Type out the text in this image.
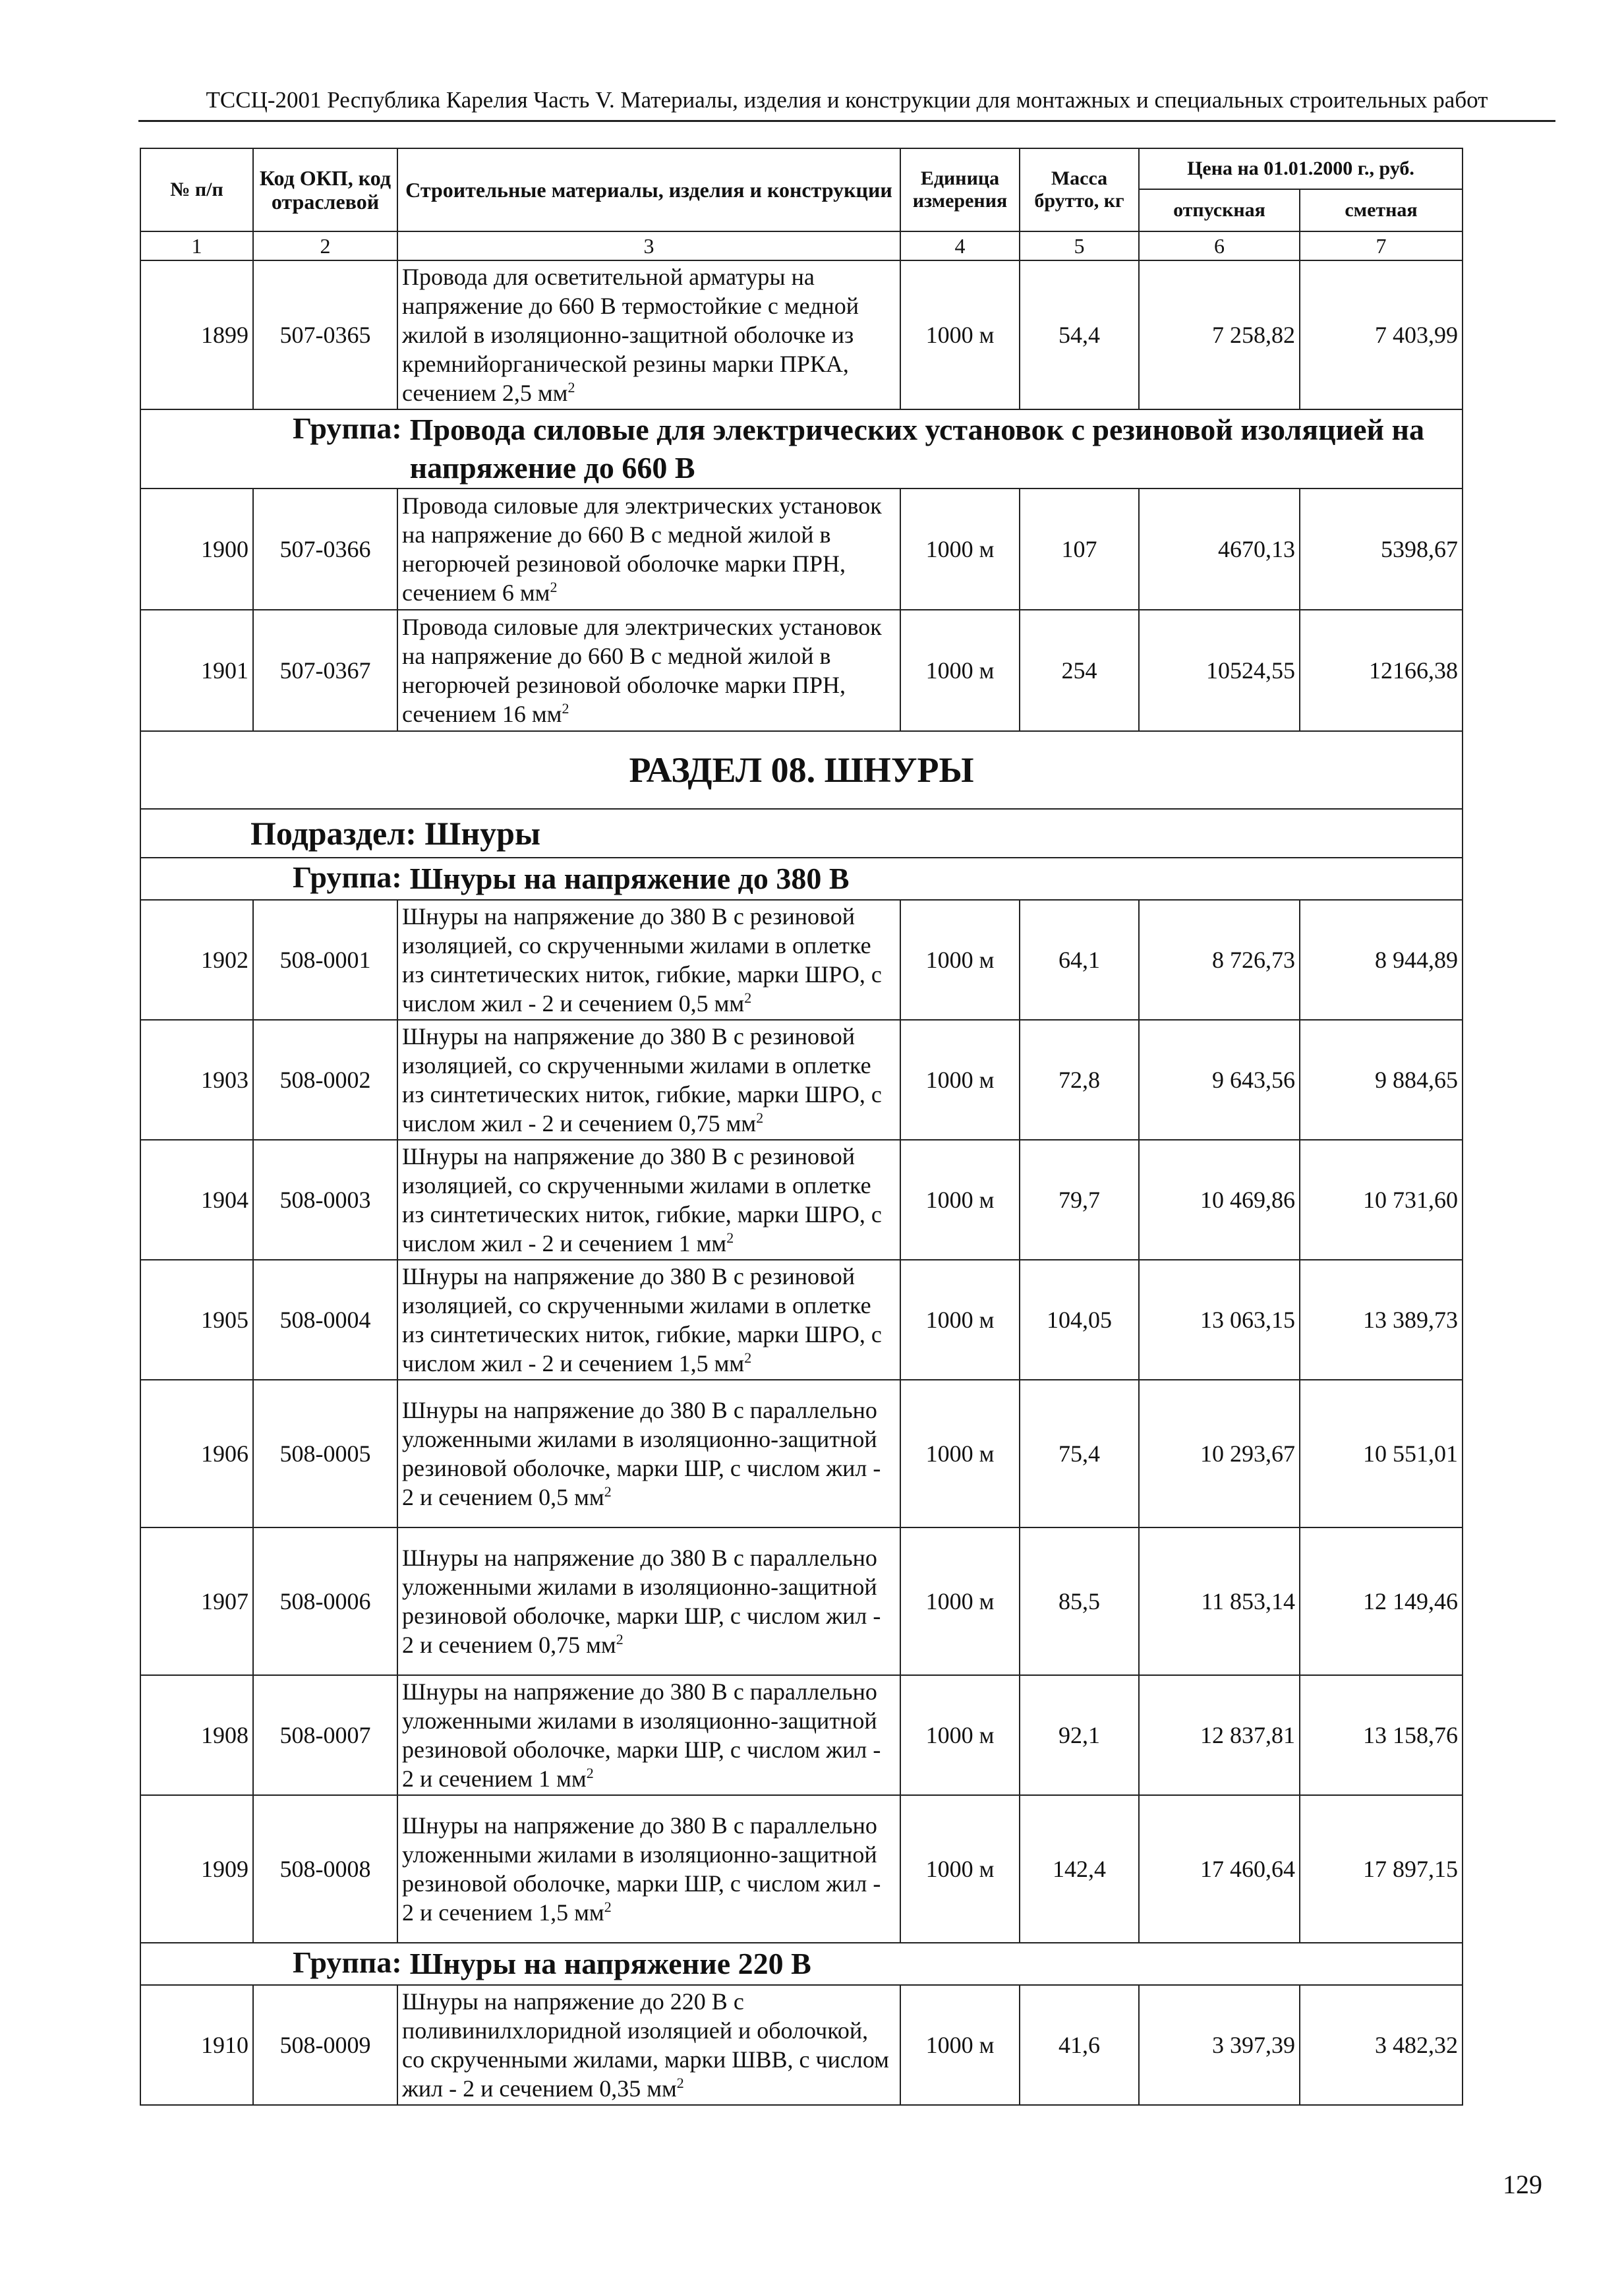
ТССЦ-2001 Республика Карелия Часть V. Материалы, изделия и конструкции для монтажных и специальных строительных работ
№ п/п	Код ОКП, код отраслевой	Строительные материалы, изделия и конструкции	Единица измерения	Масса брутто, кг	Цена на 01.01.2000 г., руб.	
					отпускная	сметная
1	2	3	4	5	6	7
1899	507-0365	Провода для осветительной арматуры на напряжение до 660 В термостойкие с медной жилой в изоляционно-защитной оболочке из кремнийорганической резины марки ПРКА, сечением 2,5 $мм^2$	1000 м	54,4	7 258,82	7 403,99

Группа: Провода силовые для электрических установок с резиновой изоляцией на напряжение до 660 В						

1900	507-0366	Провода силовые для электрических установок на напряжение до 660 В с медной жилой в негорючей резиновой оболочке марки ПРН, сечением 6 $мм^2$	1000 м	107	4670,13	5398,67
1901	507-0367	Провода силовые для электрических установок на напряжение до 660 В с медной жилой в негорючей резиновой оболочке марки ПРН, сечением 16 $мм^2$	1000 м	254	10524,55	12166,38
РАЗДЕЛ 08. ШНУРЫ						
Подраздел: Шнуры						

Группа: Шнуры на напряжение до 380 В						

1902	508-0001	Шнуры на напряжение до 380 В с резиновой изоляцией, со скрученными жилами в оплетке из синтетических ниток, гибкие, марки ШРО, с числом жил - 2 и сечением 0,5 $мм^2$	1000 м	64,1	8 726,73	8 944,89
1903	508-0002	Шнуры на напряжение до 380 В с резиновой изоляцией, со скрученными жилами в оплетке из синтетических ниток, гибкие, марки ШРО, с числом жил - 2 и сечением 0,75 $мм^2$	1000 м	72,8	9 643,56	9 884,65
1904	508-0003	Шнуры на напряжение до 380 В с резиновой изоляцией, со скрученными жилами в оплетке из синтетических ниток, гибкие, марки ШРО, с числом жил - 2 и сечением 1 $мм^2$	1000 м	79,7	10 469,86	10 731,60
1905	508-0004	Шнуры на напряжение до 380 В с резиновой изоляцией, со скрученными жилами в оплетке из синтетических ниток, гибкие, марки ШРО, с числом жил - 2 и сечением 1,5 $мм^2$	1000 м	104,05	13 063,15	13 389,73
1906	508-0005	Шнуры на напряжение до 380 В с параллельно уложенными жилами в изоляционно-защитной резиновой оболочке, марки ШР, с числом жил - 2 и сечением 0,5 $мм^2$	1000 м	75,4	10 293,67	10 551,01
1907	508-0006	Шнуры на напряжение до 380 В с параллельно уложенными жилами в изоляционно-защитной резиновой оболочке, марки ШР, с числом жил - 2 и сечением 0,75 $мм^2$	1000 м	85,5	11 853,14	12 149,46
1908	508-0007	Шнуры на напряжение до 380 В с параллельно уложенными жилами в изоляционно-защитной резиновой оболочке, марки ШР, с числом жил - 2 и сечением 1 $мм^2$	1000 м	92,1	12 837,81	13 158,76
1909	508-0008	Шнуры на напряжение до 380 В с параллельно уложенными жилами в изоляционно-защитной резиновой оболочке, марки ШР, с числом жил - 2 и сечением 1,5 $мм^2$	1000 м	142,4	17 460,64	17 897,15

Группа: Шнуры на напряжение 220 В						

1910	508-0009	Шнуры на напряжение до 220 В с поливинилхлоридной изоляцией и оболочкой, со скрученными жилами, марки ШВВ, с числом жил - 2 и сечением 0,35 $мм^2$	1000 м	41,6	3 397,39	3 482,32
129
